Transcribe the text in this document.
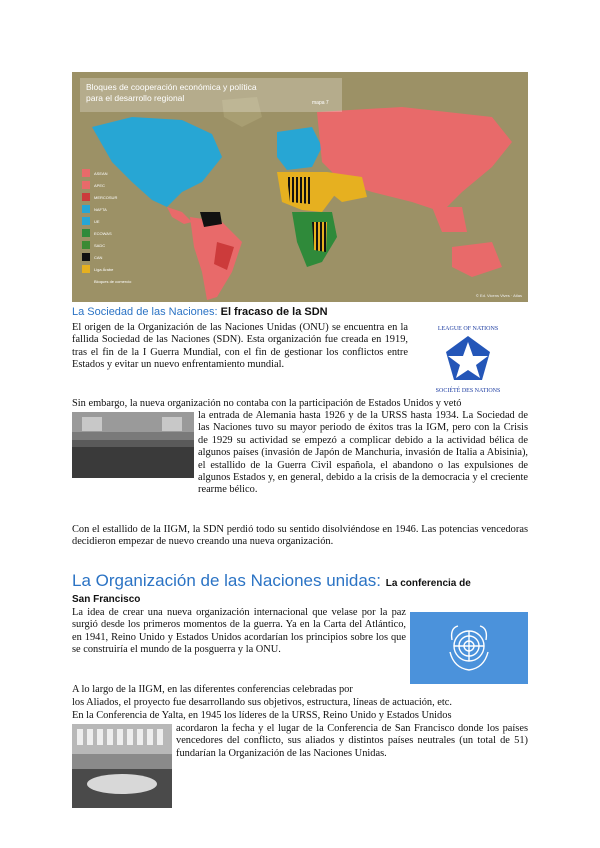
Bloques de cooperación económica y política
para el desarrollo regional	mapa 7
ASEAN
APEC
MERCOSUR
NAFTA
UE
ECOWAS
SADC
CAN
Liga Árabe
Bloques de comercio
© Ed. Vicens Vives · Atlas
La Sociedad de las Naciones: El fracaso de la SDN

El origen de la Organización de las Naciones Unidas (ONU) se encuentra en la fallida Sociedad de las Naciones (SDN). Esta organización fue creada en 1919, tras el fin de la I Guerra Mundial, con el fin de gestionar los conflictos entre Estados y evitar un nuevo enfrentamiento mundial.

LEAGUE OF NATIONS
SOCIÉTÉ DES NATIONS

Sin embargo, la nueva organización no contaba con la participación de Estados Unidos y vetó

la entrada de Alemania hasta 1926 y de la URSS hasta 1934. La Sociedad de las Naciones tuvo su mayor periodo de éxitos tras la IGM, pero con la Crisis de 1929 su actividad se empezó a complicar debido a la actividad bélica de algunos países (invasión de Japón de Manchuria, invasión de Italia a Abisinia), el estallido de la Guerra Civil española, el abandono o las expulsiones de algunos Estados y, en general, debido a la crisis de la democracia y el creciente rearme bélico.

Con el estallido de la IIGM, la SDN perdió todo su sentido disolviéndose en 1946. Las potencias vencedoras decidieron empezar de nuevo creando una nueva organización.

La Organización de las Naciones unidas: La conferencia de
San Francisco

La idea de crear una nueva organización internacional que velase por la paz surgió desde los primeros momentos de la guerra. Ya en la Carta del Atlántico, en 1941, Reino Unido y Estados Unidos acordarían los principios sobre los que se construiría el mundo de la posguerra y la ONU.

A lo largo de la IIGM, en las diferentes conferencias celebradas por

los Aliados, el proyecto fue desarrollando sus objetivos, estructura, líneas de actuación, etc.

En la Conferencia de Yalta, en 1945 los líderes de la URSS, Reino Unido y Estados Unidos

acordaron la fecha y el lugar de la Conferencia de San Francisco donde los países vencedores del conflicto, sus aliados y distintos países neutrales (un total de 51) fundarían la Organización de las Naciones Unidas.
